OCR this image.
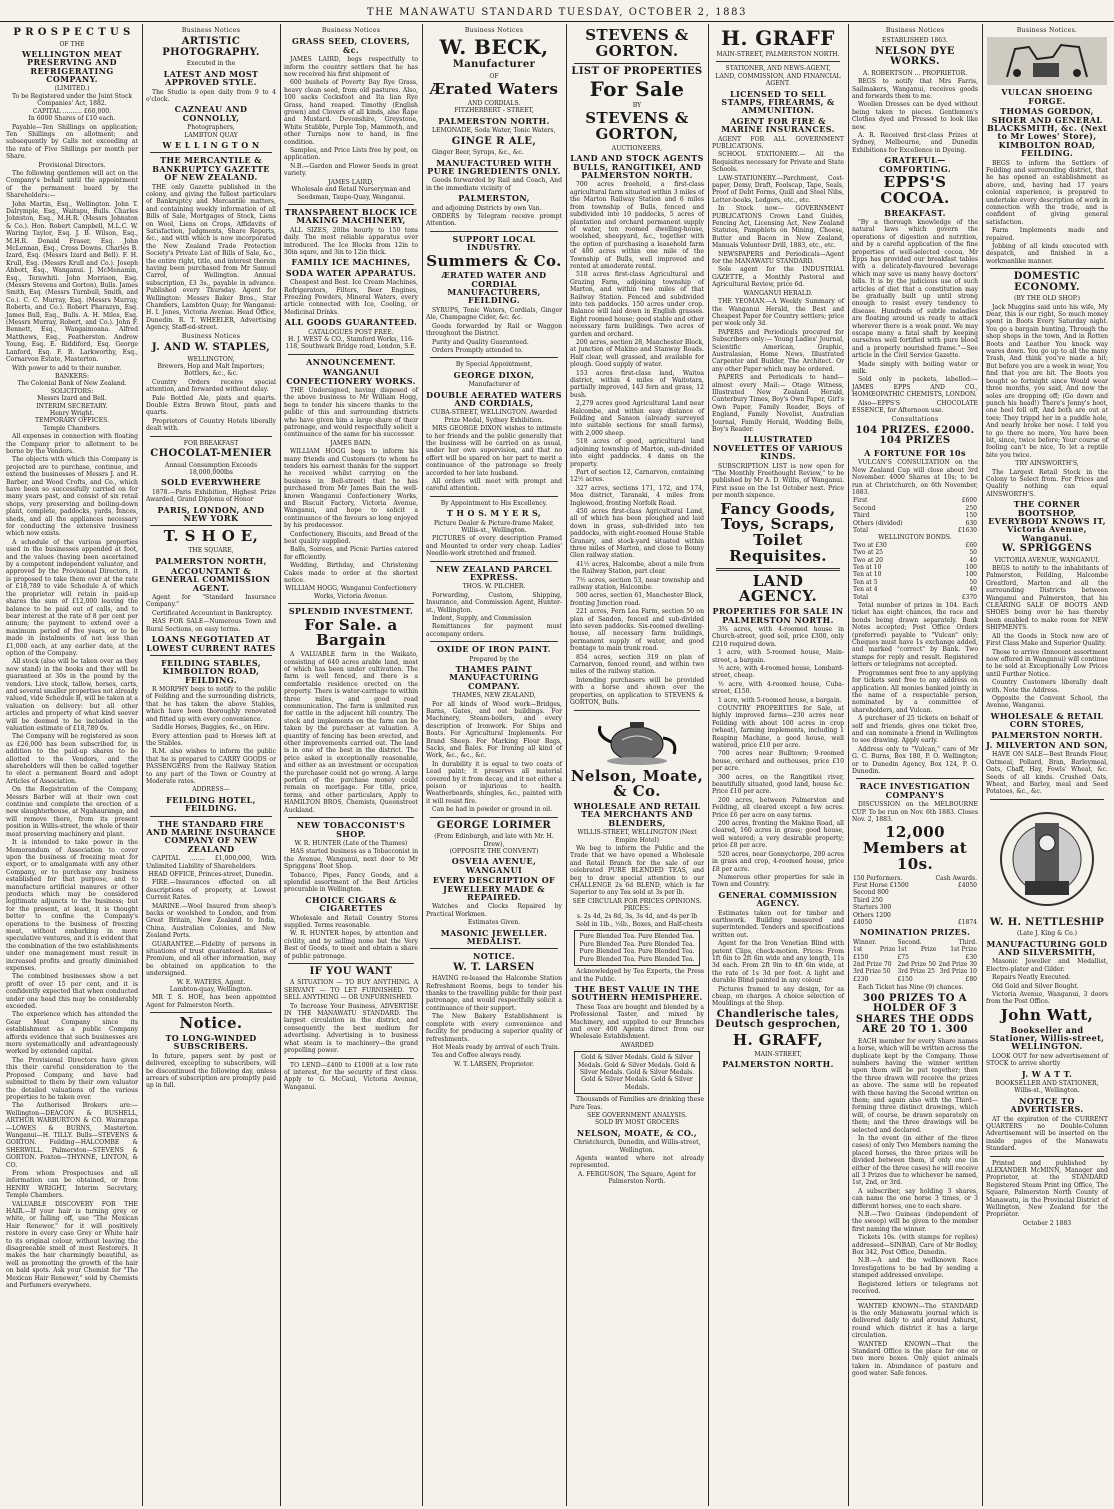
THE MANAWATU STANDARD TUESDAY, OCTOBER 2, 1883
P R O S P E C T U S
OF THE
WELLINGTON MEAT PRESERVING AND REFRIGERATING COMPANY.
(LIMITED.)
To be Registered under the Joint Stock Companies' Act, 1882.
CAPITAL .......... £60,000.
In 6000 Shares of £10 each.

Payable—Ten Shillings on application; Ten Shillings on allotment; and subsequently by Calls not exceeding at the rate of Five Shillings per month per Share.

Provisional Directors.

The following gentlemen will act on the Company's behalf until the appointment of the permanent board by the Shareholders:—

John Martin, Esq., Wellington. John T. Dalrymple, Esq., Waitapu, Bulls. Charles Johnston, Esq., M.H.R. (Messrs Johnston & Co.). Hon. Robert Campbell, M.L.C. W. Waring Taylor, Esq. J. B. Wilson, Esq., M.H.R. Donald Fraser, Esq. John McLennan, Esq., Cross Downs. Charles B. Izard, Esq. (Messrs Izard and Bell). F. H. Krull, Esq. (Messrs Krull and Co.). Joseph Abbott, Esq., Wanganui. J. McMenamin, Esq., Terawhiti. John Morrison, Esq. (Messrs Stevens and Gorton), Bulls. James Smith, Esq. (Messrs Turnbull, Smith, and Co.). C. C. Murray, Esq. (Messrs Murray, Roberts, and Co.). Robert Pharazyn, Esq. James Bull, Esq., Bulls. A. H. Miles, Esq. (Messrs Murray, Robert, and Co.). John F. Bennett, Esq., Wangaimoana. Alfred Matthews, Esq., Featherston. Andrew Young, Esq. E. Riddiford, Esq. George Lanford, Esq. F. B. Larkworthy, Esq., Cornarvon Estate, Masterton.

With power to add to their number.

BANKERS:
The Colonial Bank of New Zealand.
SOLICITORS:
Messrs Izard and Bell.
INTERIM SECRETARY.
Henry Wright.
TEMPORARY OFFICES.
Temple Chambers.

All expenses in connection with floating the Company prior to allotment to be borne by the Vendors.

The objects with which this Company is projected are to purchase, continue, and extend the businesses of Messrs J. and H. Barber, and Wood Crofts, and Co., which have been so successfully carried on for many years past, and consist of six retail shops, very preserving and boiling-down plant, complete, paddocks, yards, fences, sheds, and all the appliances necessary for conducting the extensive business which now exists.

A schedule of the various properties used in the businesses appended at foot, and the values (having been ascertained by a competent independent valuator, and approved by the Provisional Directors, it is proposed to take them over at the rate of £18,789 to vide Schedule A of which the proprietor will retain in paid-up shares the sum of £12,000 leaving the balance to be paid out of calls, and to bear interest at the rate of 8 per cent per annum; the payment to extend over a maximum period of five years, or to be made in instalments of not less than £1,000 each, at any earlier date, at the option of the Company.

All stock (also will be taken over as they now stand) in the books and they will be guaranteed at 30s in the pound by the vendors. Live stock, tallow, horses, carts, and several smaller properties not already valued, vide Schedule B, will be taken at a valuation on delivery: but all other articles and property of what kind soever will be deemed to be included in the valuation estimate of £18,789 0s.

The Company will be registered as soon as £26,000 has been subscribed for, in addition to the paid-up shares to be allotted to the Vendors, and the shareholders will then be called together to elect a permanent Board and adopt Articles of Association.

On the Registration of the Company, Messrs Barber will at their own cost continue and complete the erection of a new slaughterhouse, at Ngahauranga, and will remove there, from its present position in Willis-street, the whole of their meat preserving machinery and plant.

It is intended to take power in the Memorandum of Association to cover upon the business of freezing meat for export, or to amalgamate with any other Company, or to purchase any business established for that purpose, and to manufacture artificial manures or other products which may be considered legitimate adjuncts to the business; but for the present, at least, it is thought better to confine the Company's operations to the business of freezing meat, without embarking in more speculative ventures, and it is evident that the combination of the two establishments under one management must result in increased profits and greatly diminished expenses.

The combined businesses show a net profit of over 15 per cent, and it is confidently expected that when conducted under one head this may be considerably exceeded.

The experience which has attended the Gear Meat Company since its establishment as a public Company affords evidence that such businesses are more systematically and advantageously worked by extended capital.

The Provisional Directors have given this their careful consideration to the Proposed Company, and have had submitted to them by their own valuator the detailed valuations of the various properties to be taken over.

The Authorised Brokers are:— Wellington—DEACON & BUSHELL, ARTHUR WARBURTON & CO. Wairarapa—LOWES & BURNS, Masterton. Wanganui—H. TILLY. Bulls—STEVENS & GORTON. Feilding—HALCOMBE & SHERWILL. Palmerston—STEVENS & GORTON. Foxton—THYNNE, LINTON, & CO.

From whom Prospectuses and all information can be obtained, or from HENRY WRIGHT, Interim Secretary, Temple Chambers.

VALUABLE DISCOVERY FOR THE HAIR.—If your hair is turning grey or white, or falling off, use "The Mexican Hair Renewer," for it will positively restore in every case Grey or White hair to its original colour, without leaving the disagreeable smell of most Restorers. It makes the hair charmingly beautiful, as well as promoting the growth of the hair on bald spots. Ask your Chemist for "The Mexican Hair Renewer," sold by Chemists and Perfumers everywhere.

Business Notices
ARTISTIC PHOTOGRAPHY.
Executed in the
LATEST AND MOST APPROVED STYLE.

The Studio is open daily from 9 to 4 o'clock.

CAZNEAU AND CONNOLLY,
Photographers,
LAMBTON QUAY
W E L L I N G T O N
THE MERCANTILE & BANKRUPTCY GAZETTE OF NEW ZEALAND.

THE only Gazette published in the colony, and giving the fullest particulars of Bankruptcy and Mercantile matters, and containing weekly information of all Bills of Sale, Mortgages of Stock, Liens on Wool, Liens on Crops, Affidavits of Satisfaction, Judgments, Share Reports, &c., and with which is now incorporated the New Zealand Trade Protection Society's Private List of Bills of Sale, &c., the entire right, title, and interest therein having been purchased from Mr Samuel Carrol, of Wellington. Annual subscription, £3 3s., payable in advance. Published every Thursday. Agent for Wellington: Messrs Baker Bros., Star Chambers, Lambton Quay; for Wanganui: H. I. Jones, Victoria Avenue. Head Office, Dunedin. R. T. WHEELER, Advertising Agency, Staff-ed-street.

Business Notices
J. AND W. STAPLES,
WELLINGTON,
Brewers, Hop and Malt Importers; Bottlers, &c., &c.

Country Orders receive special attention, and forwarded without delay.

Pale Bottled Ale, pints and quarts. Double Extra Brown Stout, pints and quarts.

Proprietors of Country Hotels liberally dealt with.

FOR BREAKFAST
CHOCOLAT-MENIER
Annual Consumption Exceeds 18,000,000lbs
SOLD EVERYWHERE

1878.—Paris Exhibition, Highest Prize Awarded, Grand Diploma of Honor

PARIS, LONDON, AND NEW YORK
T. S H O E,
THE SQUARE,
PALMERSTON NORTH,
ACCOUNTANT & GENERAL COMMISSION AGENT.

Agent for "Standard Insurance Company."

Certificated Accountant in Bankruptcy.

HAS FOR SALE—Numerous Town and Rural Sections, on easy terms.

LOANS NEGOTIATED AT LOWEST CURRENT RATES
FEILDING STABLES, KIMBOLTON ROAD, FEILDING.

R MORPHY begs to notify to the public of Feilding and the surrounding districts, that he has taken the above Stables, which have been thoroughly renovated and fitted up with every convenience.

Saddle Horses, Buggies, &c., on Hire.

Every attention paid to Horses left at the Stables.

R.M. also wishes to inform the public that he is prepared to CARRY GOODS or PASSENGERS from the Railway Station to any part of the Town or Country at Moderate rates.

ADDRESS—
FEILDING HOTEL, FEILDING.
THE STANDARD FIRE AND MARINE INSURANCE COMPANY OF NEW ZEALAND

CAPITAL ........ £1,000,000, With Unlimited Liability of Shareholders.

HEAD OFFICE, Princes-street, Dunedin.

FIRE.—Insurances effected on all descriptions of property, at Lowest Current Rates.

MARINE.—Wool Insured from sheep's backs or woolshed to London, and from Great Britain, New Zealand to India, China, Australian Colonies, and New Zealand Ports.

GUARANTEE.—Fidelity of persons in situations of trust guaranteed. Rates of Premium, and all other information, may be obtained on application to the undersigned.

W. E. WATERS, Agent.
Lambton-quay, Wellington.

MR T. S. HOE, has been appointed Agent for Palmerston North.

Notice.
TO LONG-WINDED SUBSCRIBERS.

In future, papers sent by post or delivered, excepting to subscribers, will be discontinued the following day, unless arrears of subscription are promptly paid up in full.

Business Notices
GRASS SEED, CLOVERS, &c.

JAMES LAIRD, begs respectfully to inform the country settlers that he has now received his first shipment of

600 bushels of Poverty Bay Rye Grass, heavy clean seed, from old pastures. Also, 100 sacks Cocksfoot and Ita lian Rye Grass, hand reaped. Timothy (English grown) and Clovers of all kinds, also Rape and Mustard. Devonshire, Greystone, White Stubble, Purple Top, Mammoth, and other Turnips now to hand, in fine condition.

Samples, and Price Lists free by post, on application.

N.B.—Garden and Flower Seeds in great variety.

JAMES LAIRD,
Wholesale and Retail Nurseryman and Seedsman, Taupo-Quay, Wanganui.
TRANSPARENT BLOCK ICE MAKING MACHINERY,

ALL SIZES, 20lbs hourly to 150 tons daily. The most reliable apparatus ever introduced. The Ice Blocks from 12in to 30in sqare, and 3in to 12in thick.

FAMILY ICE MACHINES,
SODA WATER APPARATUS.

Cheapest and Best. Ice Cream Machines, Refrigerators, Filters, Beer Engines, Freezing Powders, Mineral Waters, every article connected with Ice, Cooling, or Medicinal Drinks.

ALL GOODS GUARANTEED.
CATALOGUES POST FREE.
H. J. WEST & CO., Stamford Works, 116-118, Southwark Bridge road, London, S.E.
ANNOUNCEMENT.
WANGANUI CONFECTIONERY WORKS.

THE Undersigned, having disposed of the above business to Mr William Hogg, begs to tender his sincere thanks to the public of this and surrounding districts who have given him a large share of their patronage, and would respectfully solicit a continuance of the same for his successor.

JAMES BAIN.

WILLIAM HOGG begs to inform his many friends and Customers (to whom he tenders his earnest thanks for the support he received whilst carrying on the business in Bell-street) that he has purchased from Mr James Bain the well-known Wanganui Confectionery Works, and Biscuit Factory, Victoria Avenue, Wanganui, and hope to solicit a continuance of the favours so long enjoyed by his predecessor.

Confectionery, Biscuits, and Bread of the best quality supplied.

Balls, Soirees, and Picnic Parties catered for efficiently.

Wedding, Birthday, and Christening Cakes made to order at the shortest notice.

WILLIAM HOGG, Wanganui Confectionery Works, Victoria Avenue.
SPLENDID INVESTMENT.
For Sale. a Bargain

A VALUABLE farm in the Waikato, consisting of 640 acres arable land, most of which has been under cultivation. The farm is well fenced, and there is a comfortable residence erected on the property. There is water-carriage to within three miles, and good road communication. The farm is unlimited run for cattle in the adjacent hill country. The stock and implements on the farm can be taken by the purchaser at valuation. A quantity of fencing has been erected, and other improvements carried out. The land is in one of the best in the district. The price asked is exceptionally reasonable, and either as an investment or occupation the purchaser could not go wrong. A large portion of the purchase money could remain on mortgage. For title, price, terms, and other particulars, Apply to HAMILTON BROS, Chemists, Queenstreet Auckland.

NEW TOBACCONIST'S SHOP.
W. R. HUNTER (Late of the Thames)

HAS started business as a Tobacconist in the Avenue, Wanganui, next door to Mr Spriggens' Boot Shop.

Tobacco, Pipes, Fancy Goods, and a splendid assortment of the Best Articles procurable in Wellington.

CHOICE CIGARS & CIGARETTES

Wholesale and Retail Country Stores supplied. Terms reasonable.

W. R. HUNTER hopes, by attention and civility, and by selling none but the Very Best of Goods, to meet and obtain a share of public patronage.

IF YOU WANT

A SITUATION — TO BUY ANYTHING. A SERVANT — TO LET FURNISHED. TO SELL ANYTHING — OR UNFURNISHED.

To Increase Your Business, ADVERTISE IN THE MANAWATU STANDARD. The largest circulation in the district, and consequently the best medium for advertising. Advertising is to business what steam is to machinery—the grand propelling power.

TO LEND—£400 to £1000 at a low rate of interest, for the security of first class. Apply to G. McCaul, Victoria Avenue, Wanganui.

Business Notices
W. BECK,
Manufacturer
OF
Ærated Waters
AND CORDIALS.
FITZHERBERT - STREET,
PALMERSTON NORTH.

LEMONADE, Soda Water, Tonic Waters,

GINGE R ALE,

Ginger Beer, Syrups, &c., &c.

MANUFACTURED WITH PURE INGREDIENTS ONLY.

Goods forwarded by Rail and Coach, And in the immediate vicinity of

PALMERSTON,

and adjoining Districts by own Van.

ORDERS by Telegram receive prompt Attention.

SUPPORT LOCAL INDUSTRY.
Summers & Co.
ÆRATED WATER AND CORDIAL MANUFACTURERS, FEILDING.

SYRUPS, Tonic Waters, Cordials, Ginger Ale, Champagne Cider, &c. &c.

Goods forwarded by Rail or Waggon throughout the District.

Purity and Quality Guaranteed.

Orders Promptly attended to.

By Special Appointment,
GEORGE DIXON,
Manufacturer of
DOUBLE AERATED WATERS AND CORDIALS,
CUBA-STREET, WELLINGTON. Awarded Prize Medal, Sydney Exhibition.

MRS GEORGE DIXON wishes to intimate to her friends and the public generally that the business will be carried on as usual, under her own supervision, and that no effort will be spared on her part to merit a continuance of the patronage so freely accorded to her late husband.

All orders will meet with prompt and careful attention.

By Appointment to His Excellency.
T H O S. M Y E R S,
Picture Dealer & Picture-frame Maker, Willis-st., Wellington.

PICTURES of every description Framed and Mounted to order very cheap. Ladies' Needle-work stretched and framed.

NEW ZEALAND PARCEL EXPRESS.
THOS. W. PILCHER.

Forwarding, Custom, Shipping, Insurance, and Commission Agent, Hunter-st., Wellington.

Indent, Supply, and Commission

Remittances for payment must accompany orders.

OXIDE OF IRON PAINT.
Prepared by the
THAMES PAINT MANUFACTURING COMPANY.
THAMES, NEW ZEALAND,

For all kinds of Wood work—Bridges, Barns, Gates, and out buildings. For Machinery, Steam-boilers, and every description of Ironwork. For Ships and Boats. For Agricultural Implements. For Brand Sheep. For Marking Flour Bags, Sacks, and Bales. For Ironing all kind of Work, &c., &c., &c.

In durability it is equal to two coats of Lead paint; it preserves all material covered by it from decay, and it not either a poison or injurious to health. Weatherboards, shingles, &c., painted with it will resist fire.

Can be had in powder or ground in oil.

GEORGE LORIMER
(From Edinburgh, and late with Mr. H. Drew),
(OPPOSITE THE CONVENT)
OSVEIA AVENUE, WANGANUI
EVERY DESCRIPTION OF JEWELLERY MADE & REPAIRED.

Watches and Clocks Repaired by Practical Workmen.

Estimates Given.
MASONIC JEWELLER. MEDALIST.
NOTICE.
W. T. LARSEN

HAVING re-leased the Halcombe Station Refreshment Rooms, begs to tender his thanks to the travelling public for their past patronage, and would respectfully solicit a continuance of their support.

The New Bakery Establishment is complete with every convenience and facility for producing a superior quality of refreshments.

Hot Meals ready by arrival of each Train.

Tea and Coffee always ready.

W. T. LARSEN, Proprietor.
STEVENS & GORTON.
LIST OF PROPERTIES
For Sale
BY
STEVENS & GORTON,
AUCTIONEERS,
LAND AND STOCK AGENTS BULLS, RANGITIKEI, AND PALMERSTON NORTH.

700 acres freehold, a first-class agricultural farm situated within 3 miles of the Marton Railway Station and 6 miles from township of Bulls, fenced and subdivided into 10 paddocks, 5 acres of plantation and orchard permanent supply of water, ten roomed dwelling-house, woolshed, sheepyard, &c., together with the option of purchasing a leasehold farm of 400 acres within one mile of the Township of Bulls, well improved and rented at amoderate rental.

518 acres first-class Agricultural and Grazing Farm, adjoining township of Marton, and within two miles of that Railway Station. Fenced and subdivided into ten paddocks. 150 acres under crop. Balance will laid down in English grasses. Eight roomed house; good stable and other necessary farm buildings. Two acres of garden and orchard.

200 acres, section 28, Manchester Block, at junction of Makino and Stanway Roads. Half clear, well grassed, and available for plough. Good supply of water.

153 acres first-class land, Waitoa district, within 4 miles of Waitotara, partially improved, 143 fern and grass, 12 bush.

2,279 acres good Agricultural Land near Halcombe, and within easy distance of Feilding and Sanson (already surveyed into suitable sections for small farms), with 2,000 sheep.

518 acres of good, agricultural land adjoining township of Marton, sub-divided into eight paddocks. 4 dams on the property.

Part of section 12, Carnarvon, containing 12½ acres.

327 acres, sections 171, 172, and 174, Moa district, Taranaki, 4 miles from Inglewood, fronting Norfolk Road.

450 acres first-class Agricultural Land, all of which has been ploughed and laid down in grass, sub-divided into ten paddocks, with eight-roomed House Stable Granary, and stock-yard situated within three miles of Marton, and close to Bonny Glen railway station.

41½ acres, Halcombe, about a mile from the Railway Station, part clear.

7½ acres, section 53, near township and railway station, Halcombe.

500 acres, section 61, Manchester Block, fronting Junction road.

221 acres, Fern Lea Farm, section 50 on plan of Sandon, fenced and sub-divided into seven paddocks. Six-roomed dwelling-house, all necessary farm buildings, permanent supply of water, and good frontage to main trunk road.

854 acres, section 319 on plan of Carnarvon, fenced round, and within two miles of the railway station.

Intending purchasers will be provided with a horse and shown over the properties, on application to STEVENS & GORTON, Bulls.

Nelson, Moate, & Co.
WHOLESALE AND RETAIL TEA MERCHANTS AND BLENDERS,
WILLIS-STREET, WELLINGTON (Next Empire Hotel)

We beg to inform the Public and the Trade that we have opened a Wholesale and Retail Branch for the sale of our celebrated PURE BLENDED TEAS, and beg to draw special attention to our CHALLENGE 2s 6d BLEND, which is far Superior to any Tea sold at 3s per lb.

SEE CIRCULAR FOR PRICES OPINIONS.
PRICES:
s. 2s 4d, 2s 8d, 3s, 3s 4d, and 4s per lb

Sold in 1lb., ½lb., Boxes, and Half-chests

Pure Blended Tea. Pure Blended Tea. Pure Blended Tea. Pure Blended Tea. Pure Blended Tea. Pure Blended Tea. Pure Blended Tea. Pure Blended Tea.

Acknowledged by Tea Experts, the Press and the Public.

THE BEST VALUE IN THE SOUTHERN HEMISPHERE.

These Teas are bought and blended by a Professional Taster, and mixed by Machinery, and supplied to our Branches and over 400 Agents direct from our Wholesale Establishment.

AWARDED
Gold & Silver Medals. Gold & Silver Medals. Gold & Silver Medals. Gold & Silver Medals. Gold & Silver Medals. Gold & Silver Medals. Gold & Silver Medals.

Thousands of Families are drinking these Pure Teas.

SEE GOVERNMENT ANALYSIS.
SOLD BY MOST GROCERS
NELSON, MOATE, & CO.,
Christchurch, Dunedin, and Willis-street, Wellington.

Agents wanted where not already represented.

A. FERGUSON, The Square, Agent for Palmerston North.
H. GRAFF
MAIN-STREET, PALMERSTON NORTH.
STATIONER, AND NEWS-AGENT,
LAND, COMMISSION, AND FINANCIAL AGENT.
LICENSED TO SELL STAMPS, FIREARMS, & AMMUNITION.
AGENT FOR FIRE & MARINE INSURANCES.

AGENT FOR ALL GOVERNMENT PUBLICATIONS.

SCHOOL STATIONERY.— All the Requisites necessary for Private and State Schools.

LAW-STATIONERY.—Parchment, Cost-paper, Demy, Draft, Foolscap, Tape, Seals, Proof of Debt Forms, Quill and Steel Nibs, Letter-books, Ledgers, etc., etc.

In Stock now— GOVERNMENT PUBLICATIONS Crown Land Guides, Fencing Act, Licensing Act, New Zealand Statutes, Pamphlets on Mining, Cheese, Butter and Bacon in New Zealand, Manuals Volunteer Drill, 1883, etc., etc.

NEWSPAPERS and Periodicals—Agent for the MANAWATU STANDARD.

Sole agent for the INDUSTRIAL GAZETTE, a Monthly Pastoral and Agricultural Review, price 6d.

WANGANUI HERALD.

THE YEOMAN.—A Weekly Summary of the Wanganui Herald, the Best and Cheapest Paper for Country settlers; price per week only 3d.

PAPERS and Periodicals procured for Subscribers only:— Young Ladies' Journal, Scientific American, Graphic, Australasian, Home News, Illustrated Carpenter and Builder, The Architect. Or any other Paper which may be ordered.

PAPERS and Periodicals to hand—almost every Mail:— Otago Witness, Illustrated New Zealand Herald, Canterbury Times, Boy's Own Paper, Girl's Own Paper, Family Reader, Boys of England, Family Novelist, Australian Journal, Family Herald, Wedding Bells, Boy's Reader.

ILLUSTRATED NOVELETTES OF VARIOUS KINDS.

SUBSCRIPTION LIST is now open for "The Monthly Freethought Review," to be published by Mr A. D. Willis, of Wanganui. First issue on the 1st October next. Price per month sixpence.

Fancy Goods, Toys, Scraps, Toilet Requisites.
LAND AGENCY.
PROPERTIES FOR SALE IN PALMERSTON NORTH.

3¾ acres, with 4-roomed house in Church-street, good soil, price £300, only £210 required down.

1 acre, with 5-roomed house, Main-street, a bargain.

½ acre, with 4-roomed house, Lombard-street, cheap.

½ acre, with 4-roomed house, Cuba-street, £150.

1 acre, with 5-roomed house, a bargain.

COUNTRY PROPERTIES for Sale, at highly improved farms—230 acres near Feilding with about 100 acres in crop (wheat), farming implements, including 1 Reaping Machine, a good house, well watered, price £10 per acre.

700 acres near Bulltown; 9-roomed house, orchard and outhouses, price £10 per acre.

300 acres, on the Rangitikei river, beautifully situated, good land, house &c. Price £10 per acre.

200 acres, between Palmerston and Feilding, all cleared except a few acres. Price £6 per acre on easy terms.

200 acres, fronting the Makino Road, all cleared, 160 acres in grass; good house, well watered; a very desirable property; price £8 per acre.

520 acres, near Gonnychorpe, 200 acres in grass and crop, 4-roomed house, price £8 per acre.

Numerous other properties for sale in Town and Country.

GENERAL COMMISSION AGENCY.

Estimates taken out for timber and earthwork. Building measured and superintended. Tenders and specifications written out.

Agent for the Iron Venetian Blind with patent Clips, check-motion. Prices: From 1ft 6in to 2ft 6in wide and any length, 11s 3d each. From 2ft 9in to 4ft 6in wide, at the rate of 1s 3d per foot. A light and durable Blind painted in any colour.

Pictures framed to any design, for as cheap, on charges. A choice selection of Mouldings at the Shop.

Chandlerische tales, Deutsch gesprochen,
H. GRAFF,
MAIN-STREET,
PALMERSTON NORTH.
Business Notices
ESTABLISHED 1863.
NELSON DYE WORKS.
A. ROBERTSON ... PROPRIETOR.

BEGS to notify that Mrs Farris, Sailmakers, Wanganui, receives goods and forwards them to me.

Woollen Dresses can be dyed without being taken to pieces. Gentlemen's Clothes dyed and Pressed to look like new.

A. R. Received first-class Prizes at Sydney, Melbourne, and Dunedin Exhibitions for Excellence in Dyeing.

GRATEFUL—COMFORTING.
EPPS'S COCOA.
BREAKFAST.

"By a thorough knowledge of the natural laws which govern the operations of digestion and nutrition, and by a careful application of the fine properties of well-selected cocoa, Mr Epps has provided our breakfast tables with a delicately-flavoured beverage which may save us many heavy doctors' bills. It is by the judicious use of such articles of diet that a constitution may be gradually built up until strong enough to resist every tendency to disease. Hundreds of subtle maladies are floating around us ready to attack wherever there is a weak point. We may escape many a fatal shaft by keeping ourselves well fortified with pure blood and a properly nourished frame."—See article in the Civil Service Gazette.

Made simply with boiling water or milk.

Sold only in packets, labelled:— JAMES EPPS AND CO., HOMŒOPATHIC CHEMISTS, LONDON.

Also—EPPS'S CHOCOLATE ESSENCE, for Afternoon use.

Consultations
104 PRIZES. £2000. 104 PRIZES
A FORTUNE FOR 10s

VULCAN'S CONSULTATION on the New Zealand Cup will close about 3rd November. 4000 Shares at 10s; to be run at Christchurch, on 6th November, 1883.

First	£600
Second	250
Third	150
Others (divided)	630
Total	£1630
WELLINGTON BONDS.
Two at £30	£60
Two at 25	50
Two at 20	40
Ten at 10	100
Ten at 10	100
Ten at 5	50
Ten at 4	40
Total	£370

Total number of prizes in 104. Each ticket has eight chances, the race and bonds being drawn separately. Bank Notes accepted; Post Office Orders (preferred) payable to "Vulcan" only; Cheques must have 1s exchange added, and marked "correct" by Bank. Two stamps for reply and result. Registered letters or telegrams not accepted.

Programmes sent free to any applying for tickets sent free to any address on application. All monies banked jointly in the name of a respectable person, nominated by a committee of shareholders, and Vulcan.

A purchaser of 25 tickets on behalf of self and friends, gives one ticket free, and can nominate a friend in Wellington to see drawing. Apply early.

Address only to "Vulcan," care of Mr G. C. Burns, Box 180, P. O. Wellington; or to Dunedin Agency, Box 124, P. O. Dunedin.

RACE INVESTIGATION COMPANY'S

DISCUSSION on the MELBOURNE CUP. To be run on Nov. 6th 1883. Closes Nov. 2, 1883.

12,000 Members at 10s.
150 Performers.	Cash Awards.
First Horse £1500	£4050
Second 800	
Third 250	
Starters 300	
Others 1200	
£4050	£1874
NOMINATION PRIZES.
Winner.	Second.	Third.
1st Prize £150	1st Prize £75	1st Prize £30
2nd Prize 70	2nd Prize 50	2nd Prize 30
3rd Prize 50	3rd Prize 25	3rd Prize 10
£230	£150	£80

Each Ticket has Nine (9) chances.

300 PRIZES TO A HOLDER OF 3 SHARES THE ODDS ARE 20 TO 1. 300

EACH member for every Share names a horse, which will be written across the duplicate kept by the Company. Those numbers having the winner written upon them will be put together; then the three drawn will receive the prizes as above. The same will be repeated with those having the Second written on them; and again also with the Third—forming three distinct drawings, which will, of course, be drawn separately on them; and the three drawings will be selected and declared.

In the event (in either of the three cases) of only Two Members naming the placed horses, the three prizes will be divided between them, if only one (in either of the three cases) he will receive all 3 Prizes due to whichever he named, 1st, 2nd, or 3rd.

A subscriber, say holding 3 shares, can name the one horse 3 times, or 3 different horses, one to each share.

N.B.—Two Guineas (independent of the sweep) will be given to the member first naming the winner.

Tickets 10s. (with stamps for replies) addressed—SINBAD, Care of Mr Bodley, Box 342, Post Office, Dunedin.

N.B.—A and the wellknown Race Investigations to be had by sending a stamped addressed envelope.

Registered letters or telegrams not received.

WANTED KNOWN—The STANDARD is the only Manawatu journal which is delivered daily to and around Ashurst, round which district it has a large circulation.

WANTED KNOWN—That the Standard Office is the place for one or two more boxes. Only quiet animals taken in. Abundance of pasture and good water. Safe fences.

Business Notices.
VULCAN SHOEING FORGE.
THOMAS GORDON, SHOER AND GENERAL BLACKSMITH, &c. (Next to Mr Lowes' Store), KIMBOLTON ROAD, FEILDING.

BEGS to inform the Settlers of Feilding and surrounding district, that he has opened an establishment as above, and, having had 17 years colonial experience, is prepared to undertake every description of work in connection with the trade, and is confident of giving general satisfaction.

Farm Implements made and repaired.

Jobbing of all kinds executed with despatch, and finished in a workmanlike manner.

DOMESTIC ECONOMY.
(BY THE OLD SHOP.)

Jack Muggins said unto his wife, My Dear, this is our right, So much money spent in Boots Every Saturday night. You go a bargain hunting, Through the shop shops in the town, And in Rotten Boots and Leather You knock way wares down. You go up to all the many Trash, And think you've made a hit; But before you are a week in wear, You find that you are bit. The Boots you bought so fortnight since Would wear three months, you said, And now the soles are dropping off; (Go down and punch his head!) There's Jenny's boot, one heel fell off, And both are out at toes; They trippd her in a puddle hole, And nearly broke her nose. I told you to go there no more, You have been bit, since, twice before; Your course of fooling can't be nice, To let a reptile bite you twice.

TRY AINSWORTH'S,

The Largest Retail Stock in the Colony to Select from. For Prices and Quality nothing can equal AINSWORTH'S.

THE CORNER BOOTSHOP, EVERYBODY KNOWS IT, Victoria Avenue, Wanganui.
W. SPRIGGENS
VICTORIA AVENUE, WANGANUI.

BEGS to notify to the inhabitants of Palmerston, Feilding, Halcombe Greatford, Marton and all the surrounding Districts between Wanganui and Palmerston, that his CLEARING SALE OF BOOTS AND SHOES being over he has thereby been enabled to make room for NEW SHIPMENTS.

All the Goods in Stock now are of First Class Make and Superior Quality.

Those to arrive (Innocent assortment now offered in Wanganui) will continue to be sold at Exceptionally Low Prices until Further Notice.

Country Customers liberally dealt with. Note the Address.

Opposite the Convent School, the Avenue, Wanganui.

WHOLESALE & RETAIL CORN STORES,
PALMERSTON NORTH.
J. MILVERTON AND SON,

HAVE ON SALE—Best Brands Flour, Oatmeal, Pollard, Bran, Barleymeal, Oats, Chaff, Hay, Fowls' Wheat, &c. Seeds of all kinds. Crushed Oats, Wheat, and Barley, meal and Seed Potatoes, &c., &c.

W. H. NETTLESHIP
(Late J. King & Co.)
MANUFACTURING GOLD AND SILVERSMITH,

Masonic Jeweller and Medallist, Electro-plater and Gilder.

Repairs Neatly Executed.

Old Gold and Silver Bought.

Victoria Avenue, Wanganui, 3 doors from the Post Office.

John Watt,
Bookseller and Stationer, Willis-street, WELLINGTON.

LOOK OUT for new advertisement of STOCK to arrive shortly

J. W A T T.
BOOKSELLER AND STATIONER, Willis-st., Wellington.
NOTICE TO ADVERTISERS.

AT the expiration of the CURRENT QUARTERS no Double-Column Advertisement will be inserted on the inside pages of the Manawatu Standard.

Printed and published by ALEXANDER McMINN, Manager and Proprietor, at the STANDARD Registered Steam Print ing Office, The Square, Palmerston North County of Manawatu, in the Provincial District of Wellington, New Zealand for the Proprietor.

October 2 1883
